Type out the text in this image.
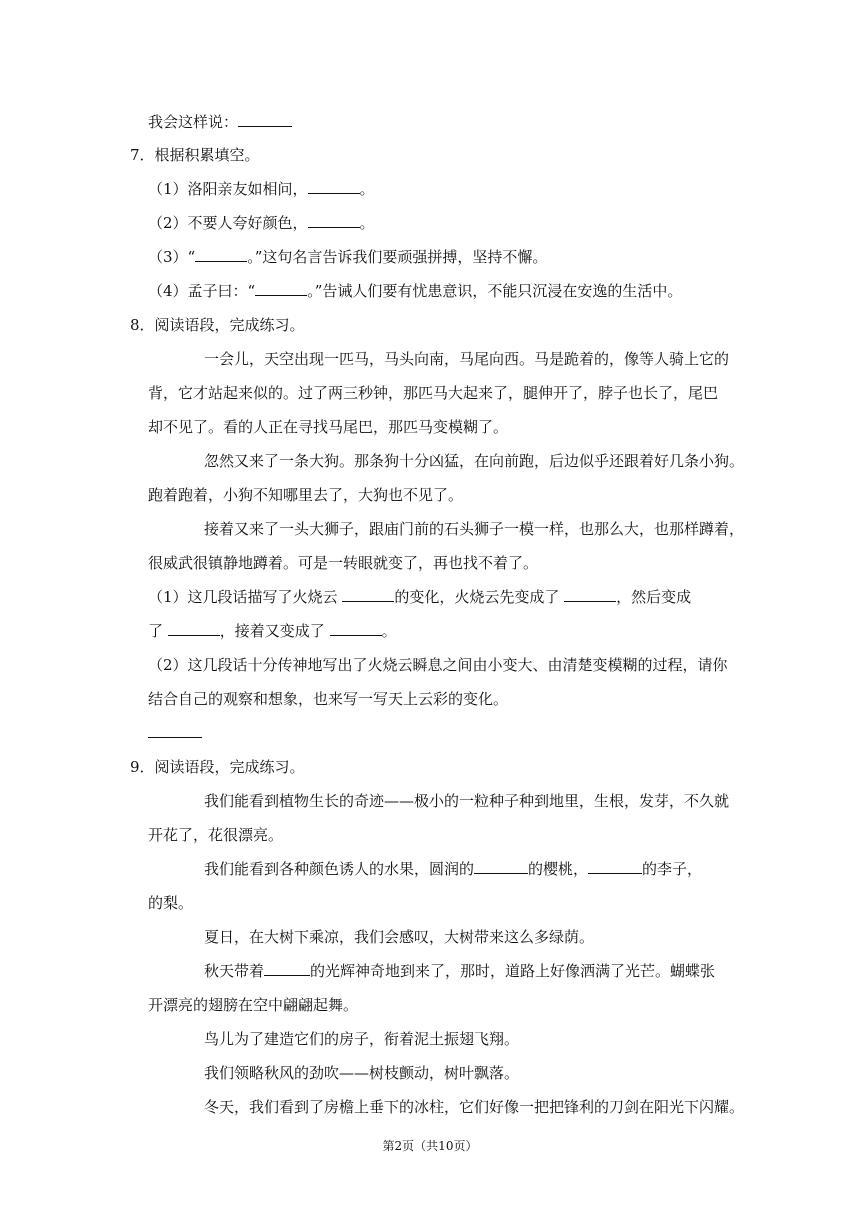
我会这样说：
7．根据积累填空。
（1）洛阳亲友如相问，	。
（2）不要人夸好颜色，	。
（3）“	。”这句名言告诉我们要顽强拼搏，坚持不懈。
（4）孟子曰：“	。”告诫人们要有忧患意识，不能只沉浸在安逸的生活中。
8．阅读语段，完成练习。
一会儿，天空出现一匹马，马头向南，马尾向西。马是跪着的，像等人骑上它的
背，它才站起来似的。过了两三秒钟，那匹马大起来了，腿伸开了，脖子也长了，尾巴
却不见了。看的人正在寻找马尾巴，那匹马变模糊了。
忽然又来了一条大狗。那条狗十分凶猛，在向前跑，后边似乎还跟着好几条小狗。
跑着跑着，小狗不知哪里去了，大狗也不见了。
接着又来了一头大狮子，跟庙门前的石头狮子一模一样，也那么大，也那样蹲着，
很威武很镇静地蹲着。可是一转眼就变了，再也找不着了。
（1）这几段话描写了火烧云	的变化，火烧云先变成了	，然后变成
了	，接着又变成了	。
（2）这几段话十分传神地写出了火烧云瞬息之间由小变大、由清楚变模糊的过程，请你
结合自己的观察和想象，也来写一写天上云彩的变化。
9．阅读语段，完成练习。
我们能看到植物生长的奇迹——极小的一粒种子种到地里，生根，发芽，不久就
开花了，花很漂亮。
我们能看到各种颜色诱人的水果，圆润的	的樱桃，	的李子，
的梨。
夏日，在大树下乘凉，我们会感叹，大树带来这么多绿荫。
秋天带着	的光辉神奇地到来了，那时，道路上好像洒满了光芒。蝴蝶张
开漂亮的翅膀在空中翩翩起舞。
鸟儿为了建造它们的房子，衔着泥土振翅飞翔。
我们领略秋风的劲吹——树枝颤动，树叶飘落。
冬天，我们看到了房檐上垂下的冰柱，它们好像一把把锋利的刀剑在阳光下闪耀。
第2页（共10页）
